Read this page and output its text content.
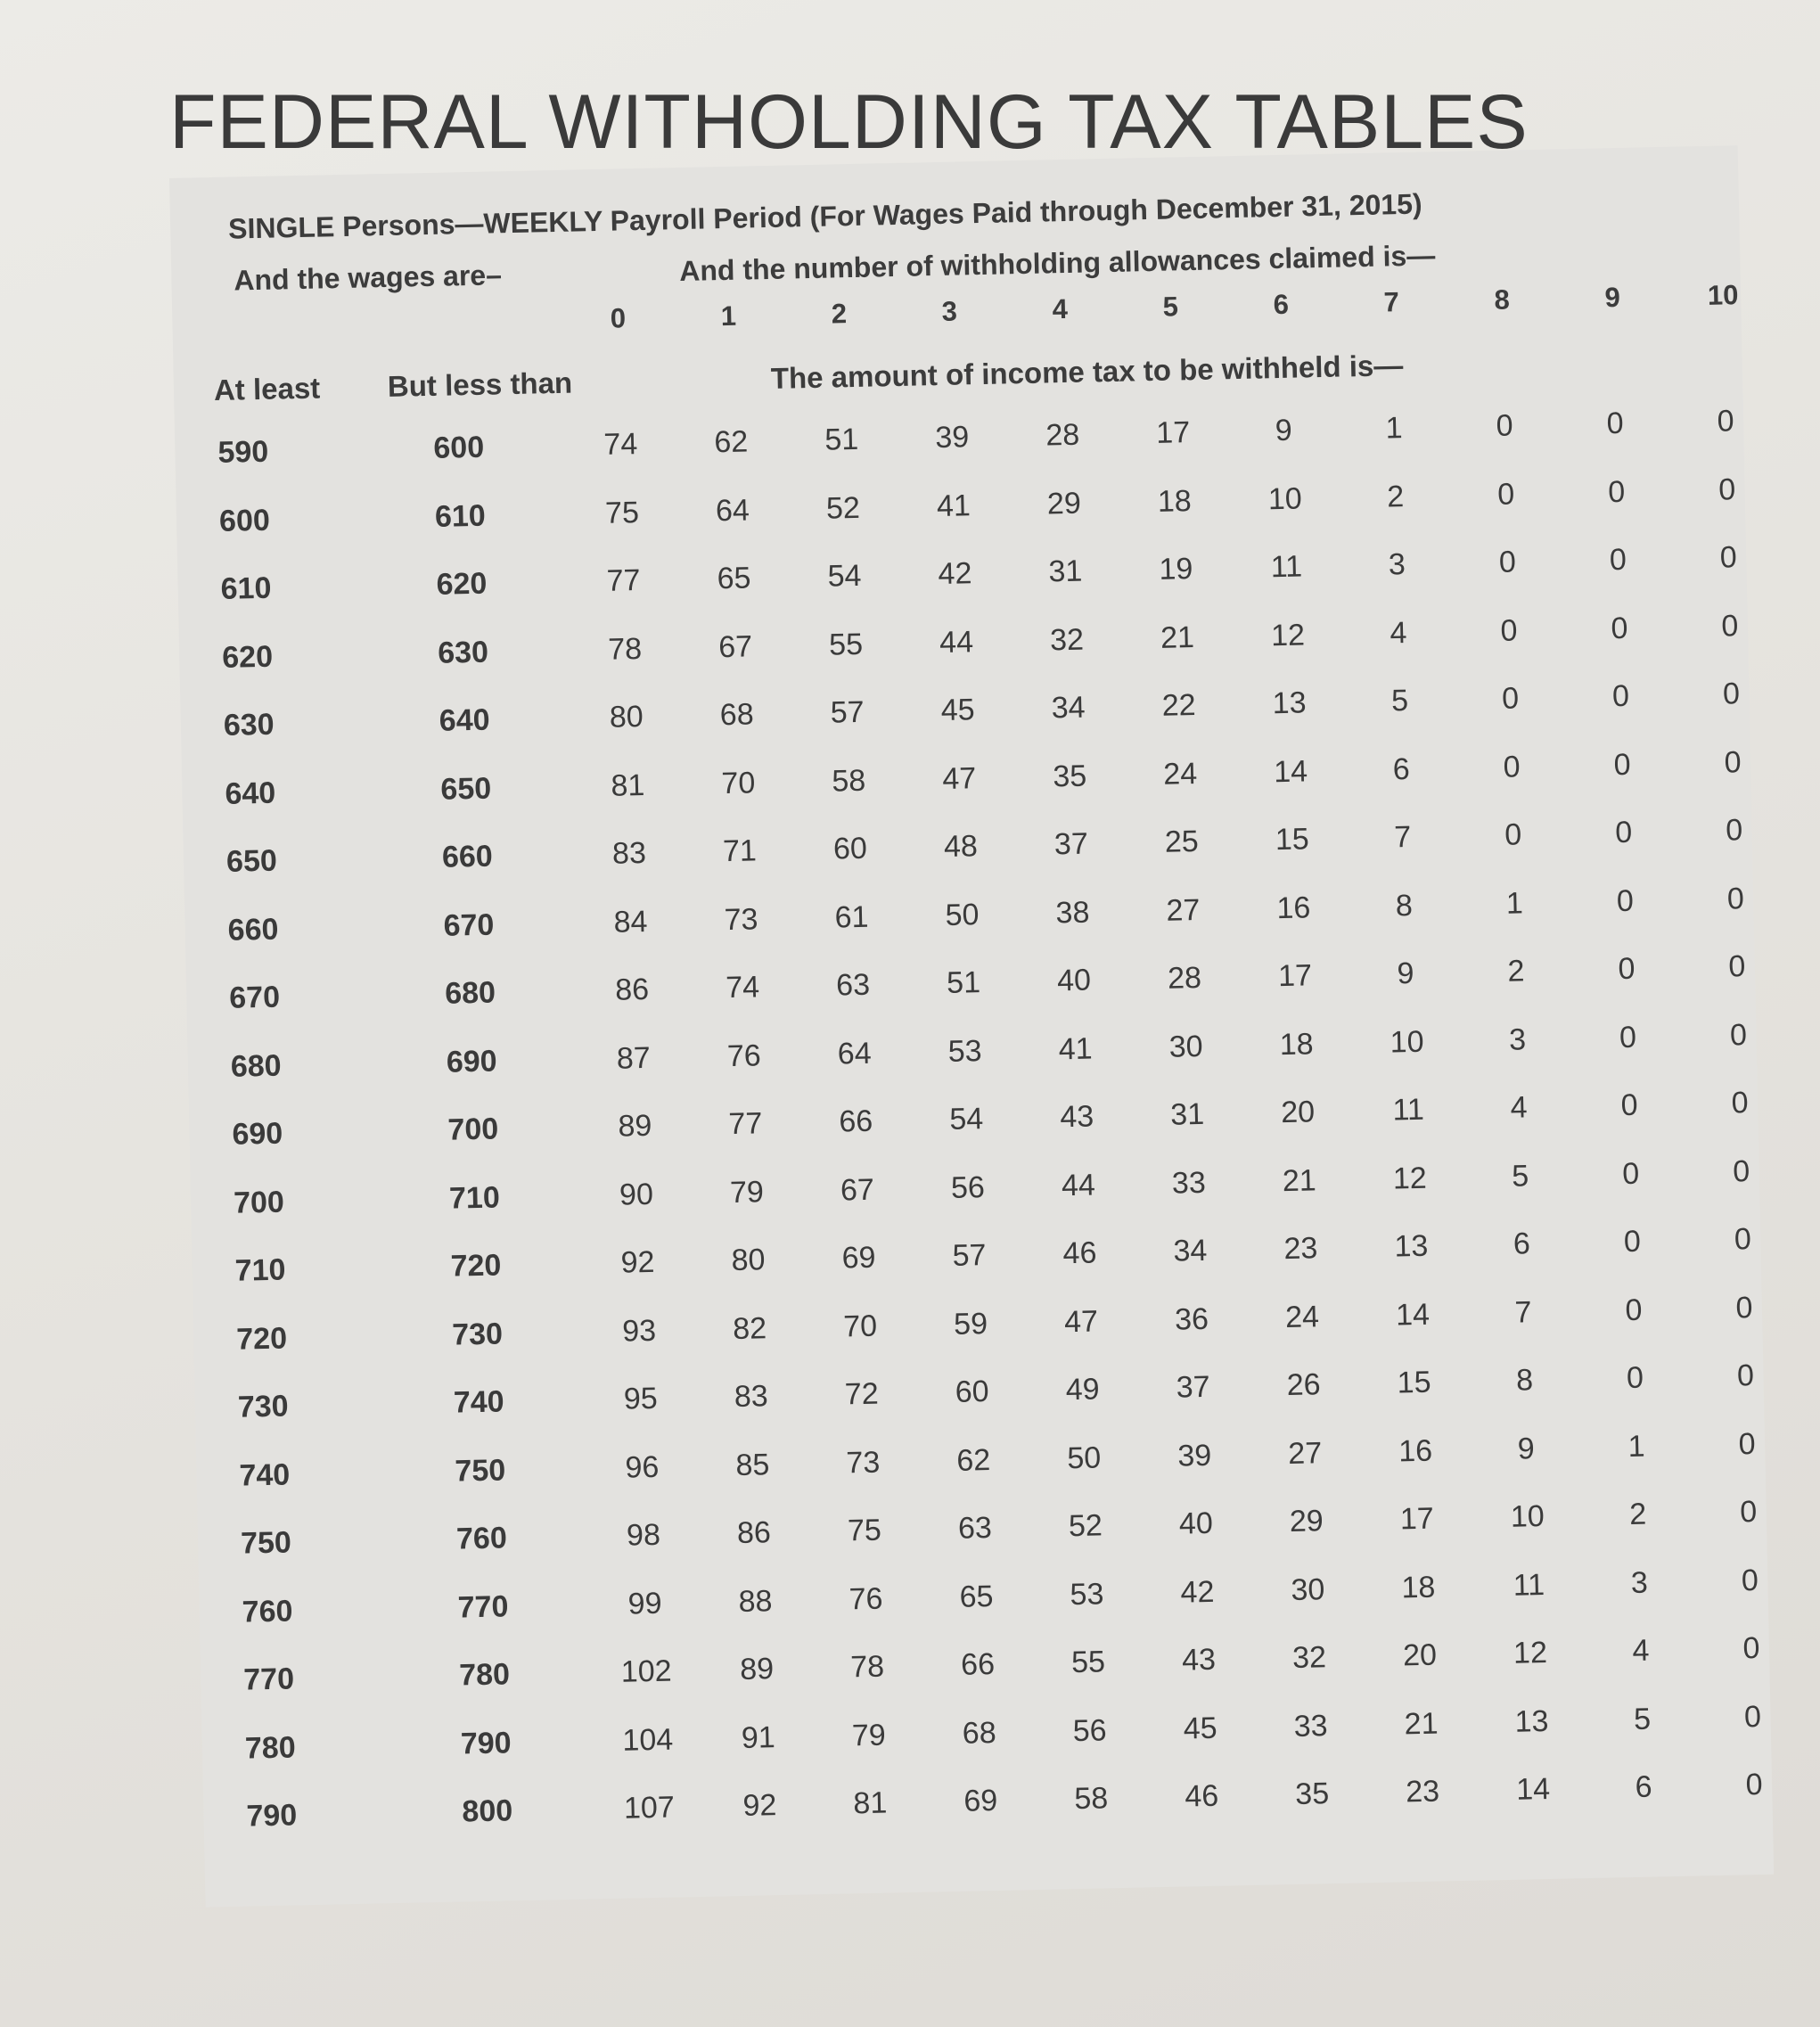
FEDERAL WITHOLDING TAX TABLES
SINGLE Persons—WEEKLY Payroll Period (For Wages Paid through December 31, 2015)
And the wages are–	And the number of withholding allowances claimed is—
0	1	2	3	4	5	6	7	8	9	10
At least But less than	The amount of income tax to be withheld is—
590	600	74	62	51	39	28	17	9	1	0	0	0
600	610	75	64	52	41	29	18	10	2	0	0	0
610	620	77	65	54	42	31	19	11	3	0	0	0
620	630	78	67	55	44	32	21	12	4	0	0	0
630	640	80	68	57	45	34	22	13	5	0	0	0
640	650	81	70	58	47	35	24	14	6	0	0	0
650	660	83	71	60	48	37	25	15	7	0	0	0
660	670	84	73	61	50	38	27	16	8	1	0	0
670	680	86	74	63	51	40	28	17	9	2	0	0
680	690	87	76	64	53	41	30	18	10	3	0	0
690	700	89	77	66	54	43	31	20	11	4	0	0
700	710	90	79	67	56	44	33	21	12	5	0	0
710	720	92	80	69	57	46	34	23	13	6	0	0
720	730	93	82	70	59	47	36	24	14	7	0	0
730	740	95	83	72	60	49	37	26	15	8	0	0
740	750	96	85	73	62	50	39	27	16	9	1	0
750	760	98	86	75	63	52	40	29	17	10	2	0
760	770	99	88	76	65	53	42	30	18	11	3	0
770	780	102	89	78	66	55	43	32	20	12	4	0
780	790	104	91	79	68	56	45	33	21	13	5	0
790	800	107	92	81	69	58	46	35	23	14	6	0
